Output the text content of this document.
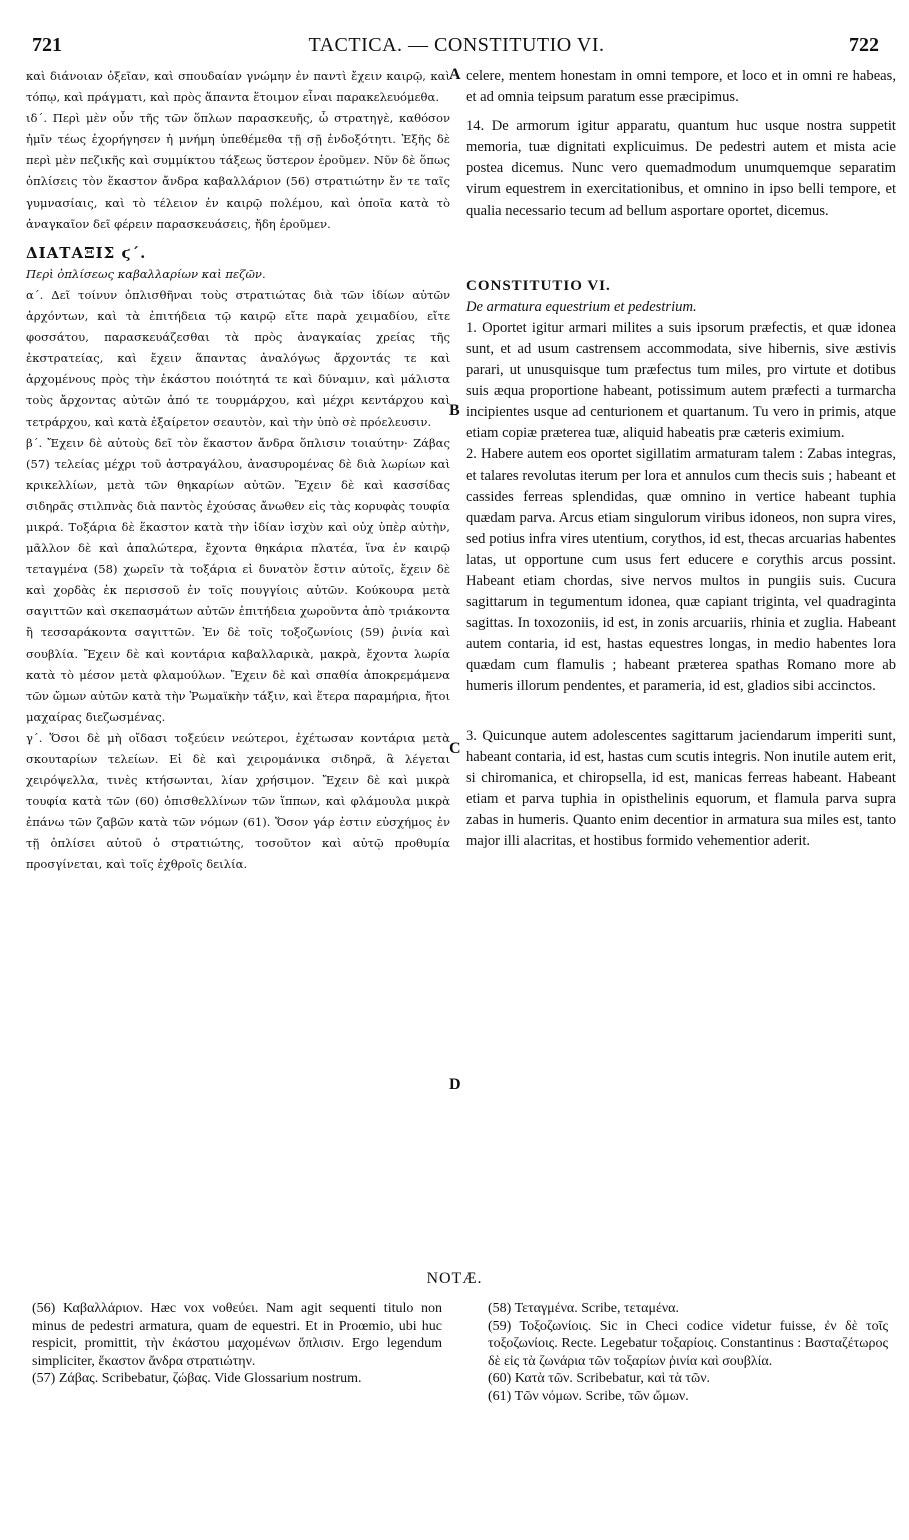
721	TACTICA. — CONSTITUTIO VI.	722

καὶ διάνοιαν ὀξεῖαν, καὶ σπουδαίαν γνώμην ἐν παντὶ ἔχειν καιρῷ, καὶ τόπῳ, καὶ πράγματι, καὶ πρὸς ἅπαντα ἕτοιμον εἶναι παρακελευόμεθα.

ιδ΄. Περὶ μὲν οὖν τῆς τῶν ὅπλων παρασκευῆς, ὦ στρατηγὲ, καθόσον ἡμῖν τέως ἐχορήγησεν ἡ μνήμη ὑπεθέμεθα τῇ σῇ ἐνδοξότητι. Ἑξῆς δὲ περὶ μὲν πεζικῆς καὶ συμμίκτου τάξεως ὕστερον ἐροῦμεν. Νῦν δὲ ὅπως ὁπλίσεις τὸν ἕκαστον ἄνδρα καβαλλάριον (56) στρατιώτην ἔν τε ταῖς γυμνασίαις, καὶ τὸ τέλειον ἐν καιρῷ πολέμου, καὶ ὁποῖα κατὰ τὸ ἀναγκαῖον δεῖ φέρειν παρασκευάσεις, ἤδη ἐροῦμεν.

ΔΙΑΤΑΞΙΣ ϛ΄.

Περὶ ὁπλίσεως καβαλλαρίων καὶ πεζῶν.

α΄. Δεῖ τοίνυν ὁπλισθῆναι τοὺς στρατιώτας διὰ τῶν ἰδίων αὐτῶν ἀρχόντων, καὶ τὰ ἐπιτήδεια τῷ καιρῷ εἴτε παρὰ χειμαδίου, εἴτε φοσσάτου, παρασκευάζεσθαι τὰ πρὸς ἀναγκαίας χρείας τῆς ἐκστρατείας, καὶ ἔχειν ἅπαντας ἀναλόγως ἄρχοντάς τε καὶ ἀρχομένους πρὸς τὴν ἑκάστου ποιότητά τε καὶ δύναμιν, καὶ μάλιστα τοὺς ἄρχοντας αὐτῶν ἀπό τε τουρμάρχου, καὶ μέχρι κεντάρχου καὶ τετράρχου, καὶ κατὰ ἐξαίρετον σεαυτὸν, καὶ τὴν ὑπὸ σὲ πρόελευσιν.

β΄. Ἔχειν δὲ αὐτοὺς δεῖ τὸν ἕκαστον ἄνδρα ὅπλισιν τοιαύτην· Ζάβας (57) τελείας μέχρι τοῦ ἀστραγάλου, ἀνασυρομένας δὲ διὰ λωρίων καὶ κρικελλίων, μετὰ τῶν θηκαρίων αὐτῶν. Ἔχειν δὲ καὶ κασσίδας σιδηρᾶς στιλπνὰς διὰ παντὸς ἐχούσας ἄνωθεν εἰς τὰς κορυφὰς τουφία μικρά. Τοξάρια δὲ ἕκαστον κατὰ τὴν ἰδίαν ἰσχὺν καὶ οὐχ ὑπὲρ αὐτὴν, μᾶλλον δὲ καὶ ἁπαλώτερα, ἔχοντα θηκάρια πλατέα, ἵνα ἐν καιρῷ τεταγμένα (58) χωρεῖν τὰ τοξάρια εἰ δυνατὸν ἔστιν αὐτοῖς, ἔχειν δὲ καὶ χορδὰς ἐκ περισσοῦ ἐν τοῖς πουγγίοις αὐτῶν. Κούκουρα μετὰ σαγιττῶν καὶ σκεπασμάτων αὐτῶν ἐπιτήδεια χωροῦντα ἀπὸ τριάκοντα ἢ τεσσαράκοντα σαγιττῶν. Ἐν δὲ τοῖς τοξοζωνίοις (59) ῥινία καὶ σουβλία. Ἔχειν δὲ καὶ κοντάρια καβαλλαρικὰ, μακρὰ, ἔχοντα λωρία κατὰ τὸ μέσον μετὰ φλαμούλων. Ἔχειν δὲ καὶ σπαθία ἀποκρεμάμενα τῶν ὤμων αὐτῶν κατὰ τὴν Ῥωμαϊκὴν τάξιν, καὶ ἕτερα παραμήρια, ἤτοι μαχαίρας διεζωσμένας.

γ΄. Ὅσοι δὲ μὴ οἴδασι τοξεύειν νεώτεροι, ἐχέτωσαν κοντάρια μετὰ σκουταρίων τελείων. Εἰ δὲ καὶ χειρομάνικα σιδηρᾶ, ἃ λέγεται χειρόψελλα, τινὲς κτήσωνται, λίαν χρήσιμον. Ἔχειν δὲ καὶ μικρὰ τουφία κατὰ τῶν (60) ὀπισθελλίνων τῶν ἵππων, καὶ φλάμουλα μικρὰ ἐπάνω τῶν ζαβῶν κατὰ τῶν νόμων (61). Ὅσον γάρ ἐστιν εὐσχήμος ἐν τῇ ὁπλίσει αὐτοῦ ὁ στρατιώτης, τοσοῦτον καὶ αὐτῷ προθυμία προσγίνεται, καὶ τοῖς ἐχθροῖς δειλία.

celere, mentem honestam in omni tempore, et loco et in omni re habeas, et ad omnia teipsum paratum esse præcipimus.

14. De armorum igitur apparatu, quantum huc usque nostra suppetit memoria, tuæ dignitati explicuimus. De pedestri autem et mista acie postea dicemus. Nunc vero quemadmodum unumquemque separatim virum equestrem in exercitationibus, et omnino in ipso belli tempore, et qualia necessario tecum ad bellum asportare oportet, dicemus.

CONSTITUTIO VI.

De armatura equestrium et pedestrium.

1. Oportet igitur armari milites a suis ipsorum præfectis, et quæ idonea sunt, et ad usum castrensem accommodata, sive hibernis, sive æstivis parari, ut unusquisque tum præfectus tum miles, pro virtute et dotibus suis æqua proportione habeant, potissimum autem præfecti a turmarcha incipientes usque ad centurionem et quartanum. Tu vero in primis, atque etiam copiæ præterea tuæ, aliquid habeatis præ cæteris eximium.

2. Habere autem eos oportet sigillatim armaturam talem : Zabas integras, et talares revolutas iterum per lora et annulos cum thecis suis ; habeant et cassides ferreas splendidas, quæ omnino in vertice habeant tuphia quædam parva. Arcus etiam singulorum viribus idoneos, non supra vires, sed potius infra vires utentium, corythos, id est, thecas arcuarias habentes latas, ut opportune cum usus fert educere e corythis arcus possint. Habeant etiam chordas, sive nervos multos in pungiis suis. Cucura sagittarum in tegumentum idonea, quæ capiant triginta, vel quadraginta sagittas. In toxozoniis, id est, in zonis arcuariis, rhinia et zuglia. Habeant autem contaria, id est, hastas equestres longas, in medio habentes lora quædam cum flamulis ; habeant præterea spathas Romano more ab humeris illorum pendentes, et parameria, id est, gladios sibi accinctos.

3. Quicunque autem adolescentes sagittarum jaciendarum imperiti sunt, habeant contaria, id est, hastas cum scutis integris. Non inutile autem erit, si chiromanica, et chiropsella, id est, manicas ferreas habeant. Habeant etiam et parva tuphia in opisthelinis equorum, et flamula parva supra zabas in humeris. Quanto enim decentior in armatura sua miles est, tanto major illi alacritas, et hostibus formido vehementior aderit.

A
B
C
D
NOTÆ.

(56) Καβαλλάριον. Hæc vox νοθεύει. Nam agit sequenti titulo non minus de pedestri armatura, quam de equestri. Et in Proœmio, ubi huc respicit, promittit, τὴν ἑκάστου μαχομένων ὅπλισιν. Ergo legendum simpliciter, ἕκαστον ἄνδρα στρατιώτην.

(57) Ζάβας. Scribebatur, ζώβας. Vide Glossarium nostrum.

(58) Τεταγμένα. Scribe, τεταμένα.

(59) Τοξοζωνίοις. Sic in Checi codice videtur fuisse, ἐν δὲ τοῖς τοξοζωνίοις. Recte. Legebatur τοξαρίοις. Constantinus : Βασταζέτωρος δὲ εἰς τὰ ζωνάρια τῶν τοξαρίων ῥινία καὶ σουβλία.

(60) Κατὰ τῶν. Scribebatur, καὶ τὰ τῶν.

(61) Τῶν νόμων. Scribe, τῶν ὤμων.
